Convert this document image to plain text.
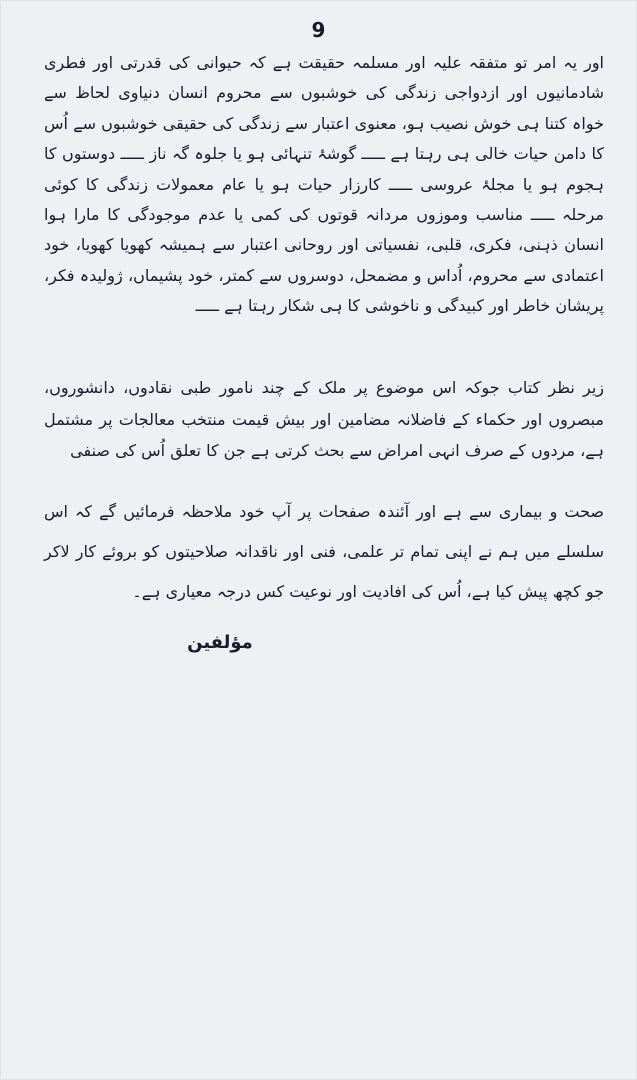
9

اور یہ امر تو متفقہ علیہ اور مسلمہ حقیقت ہے کہ حیوانی کی قدرتی اور فطری شادمانیوں اور ازدواجی زندگی کی خوشبوں سے محروم انسان دنیاوی لحاظ سے خواہ کتنا ہی خوش نصیب ہو، معنوی اعتبار سے زندگی کی حقیقی خوشبوں سے اُس کا دامن حیات خالی ہی رہتا ہے ـــــ گوشۂ تنہائی ہو یا جلوہ گہ ناز ـــــ دوستوں کا ہجوم ہو یا مجلۂ عروسی ـــــ کارزار حیات ہو یا عام معمولات زندگی کا کوئی مرحلہ ـــــ مناسب وموزوں مردانہ قوتوں کی کمی یا عدم موجودگی کا مارا ہوا انسان ذہنی، فکری، قلبی، نفسیاتی اور روحانی اعتبار سے ہمیشہ کھویا کھویا، خود اعتمادی سے محروم، اُداس و مضمحل، دوسروں سے کمتر، خود پشیماں، ژولیدہ فکر، پریشان خاطر اور کبیدگی و ناخوشی کا ہی شکار رہتا ہے ـــــ

زیر نظر کتاب جوکہ اس موضوع پر ملک کے چند نامور طبی نقادوں، دانشوروں، مبصروں اور حکماء کے فاضلانہ مضامین اور بیش قیمت منتخب معالجات پر مشتمل ہے، مردوں کے صرف انہی امراض سے بحث کرتی ہے جن کا تعلق اُس کی صنفی

صحت و بیماری سے ہے اور آئندہ صفحات پر آپ خود ملاحظہ فرمائیں گے کہ اس سلسلے میں ہم نے اپنی تمام تر علمی، فنی اور ناقدانہ صلاحیتوں کو بروئے کار لاکر جو کچھ پیش کیا ہے، اُس کی افادیت اور نوعیت کس درجہ معیاری ہے۔

مؤلفین
